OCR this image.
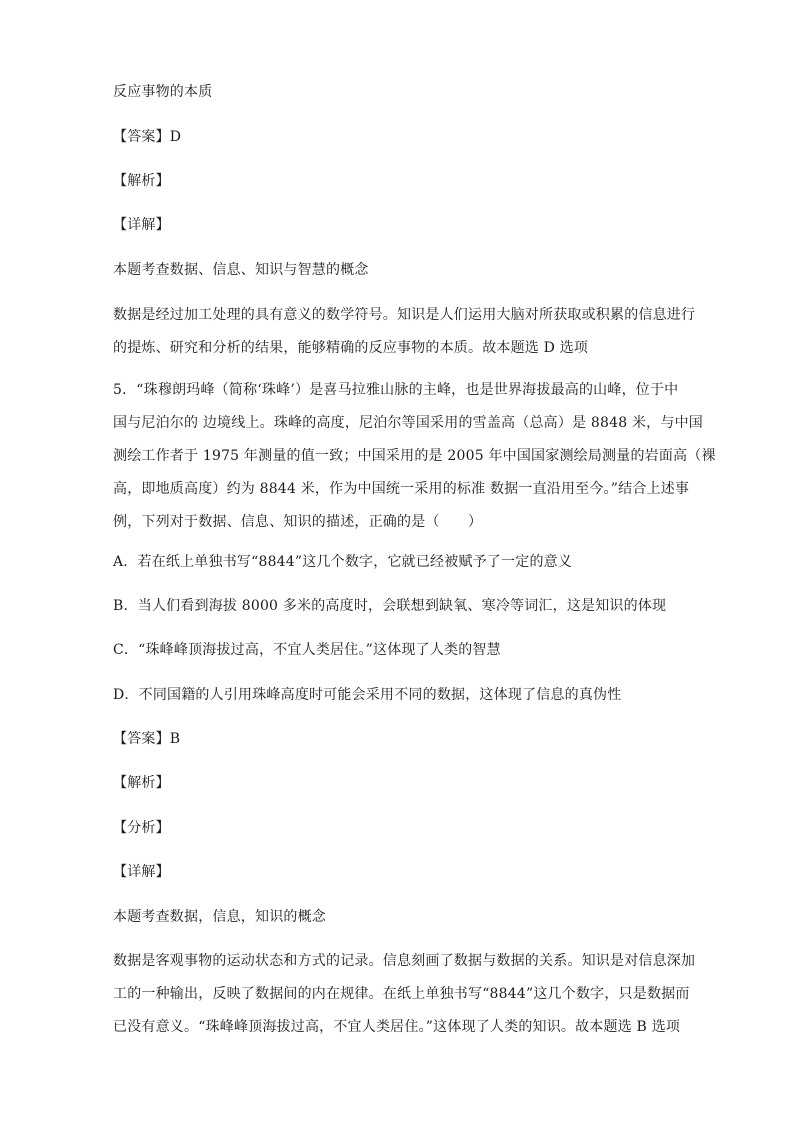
反应事物的本质
【答案】D
【解析】
【详解】
本题考查数据、信息、知识与智慧的概念
数据是经过加工处理的具有意义的数学符号。知识是人们运用大脑对所获取或积累的信息进行
的提炼、研究和分析的结果，能够精确的反应事物的本质。故本题选 D 选项
5．“珠穆朗玛峰（简称‘珠峰’）是喜马拉雅山脉的主峰，也是世界海拔最高的山峰，位于中
国与尼泊尔的 边境线上。珠峰的高度，尼泊尔等国采用的雪盖高（总高）是 8848 米，与中国
测绘工作者于 1975 年测量的值一致；中国采用的是 2005 年中国国家测绘局测量的岩面高（裸
高，即地质高度）约为 8844 米，作为中国统一采用的标准 数据一直沿用至今。”结合上述事
例，下列对于数据、信息、知识的描述，正确的是（　　）
A．若在纸上单独书写“8844”这几个数字，它就已经被赋予了一定的意义
B．当人们看到海拔 8000 多米的高度时，会联想到缺氧、寒冷等词汇，这是知识的体现
C．“珠峰峰顶海拔过高，不宜人类居住。”这体现了人类的智慧
D．不同国籍的人引用珠峰高度时可能会采用不同的数据，这体现了信息的真伪性
【答案】B
【解析】
【分析】
【详解】
本题考查数据，信息，知识的概念
数据是客观事物的运动状态和方式的记录。信息刻画了数据与数据的关系。知识是对信息深加
工的一种输出，反映了数据间的内在规律。在纸上单独书写“8844”这几个数字，只是数据而
已没有意义。“珠峰峰顶海拔过高，不宜人类居住。”这体现了人类的知识。故本题选 B 选项
